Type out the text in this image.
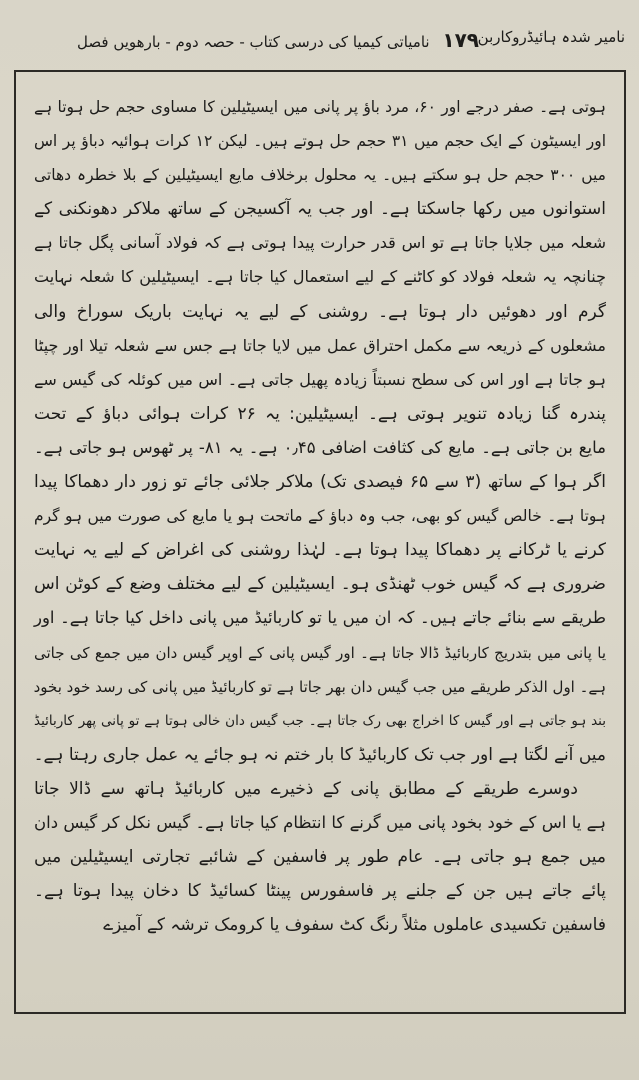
نامیر شدہ ہائیڈروکاربن
۱۷۹ نامیاتی کیمیا کی درسی کتاب - حصہ دوم - بارھویں فصل
ہوتی ہے۔ صفر درجے اور ۶۰، مرد باؤ پر پانی میں ایسیٹیلین کا مساوی حجم حل ہوتا ہے
اور ایسیٹون کے ایک حجم میں ۳۱ حجم حل ہوتے ہیں۔ لیکن ۱۲ کرات ہوائیہ دباؤ پر اس
میں ۳۰۰ حجم حل ہو سکتے ہیں۔ یہ محلول برخلاف مایع ایسیٹیلین کے بلا خطرہ دھاتی
استوانوں میں رکھا جاسکتا ہے۔ اور جب یہ آکسیجن کے ساتھ ملاکر دھونکنی کے
شعلہ میں جلایا جاتا ہے تو اس قدر حرارت پیدا ہوتی ہے کہ فولاد آسانی پگل جاتا ہے
چنانچہ یہ شعلہ فولاد کو کاٹنے کے لیے استعمال کیا جاتا ہے۔ ایسیٹیلین کا شعلہ نہایت
گرم اور دھوئیں دار ہوتا ہے۔ روشنی کے لیے یہ نہایت باریک سوراخ والی
مشعلوں کے ذریعہ سے مکمل احتراق عمل میں لایا جاتا ہے جس سے شعلہ تیلا اور چپٹا
ہو جاتا ہے اور اس کی سطح نسبتاً زیادہ پھیل جاتی ہے۔ اس میں کوئلہ کی گیس سے
پندرہ گنا زیادہ تنویر ہوتی ہے۔ ایسیٹیلین: یہ ۲۶ کرات ہوائی دباؤ کے تحت
مایع بن جاتی ہے۔ مایع کی کثافت اضافی ۰٫۴۵ ہے۔ یہ ۸۱- پر ٹھوس ہو جاتی ہے۔
اگر ہوا کے ساتھ (۳ سے ۶۵ فیصدی تک) ملاکر جلائی جائے تو زور دار دھماکا پیدا
ہوتا ہے۔ خالص گیس کو بھی، جب وہ دباؤ کے ماتحت ہو یا مایع کی صورت میں ہو گرم
کرنے یا ٹرکانے پر دھماکا پیدا ہوتا ہے۔ لہٰذا روشنی کی اغراض کے لیے یہ نہایت
ضروری ہے کہ گیس خوب ٹھنڈی ہو۔ ایسیٹیلین کے لیے مختلف وضع کے کوٹن اس
طریقے سے بنائے جاتے ہیں۔ کہ ان میں یا تو کاربائیڈ میں پانی داخل کیا جاتا ہے۔ اور
یا پانی میں بتدریج کاربائیڈ ڈالا جاتا ہے۔ اور گیس پانی کے اوپر گیس دان میں جمع کی جاتی
ہے۔ اول الذکر طریقے میں جب گیس دان بھر جاتا ہے تو کاربائیڈ میں پانی کی رسد خود بخود
بند ہو جاتی ہے اور گیس کا اخراج بھی رک جاتا ہے۔ جب گیس دان خالی ہوتا ہے تو پانی پھر کاربائیڈ
میں آنے لگتا ہے اور جب تک کاربائیڈ کا بار ختم نہ ہو جائے یہ عمل جاری رہتا ہے۔
دوسرے طریقے کے مطابق پانی کے ذخیرے میں کاربائیڈ ہاتھ سے ڈالا جاتا
ہے یا اس کے خود بخود پانی میں گرنے کا انتظام کیا جاتا ہے۔ گیس نکل کر گیس دان
میں جمع ہو جاتی ہے۔ عام طور پر فاسفین کے شائبے تجارتی ایسیٹیلین میں
پائے جاتے ہیں جن کے جلنے پر فاسفورس پینٹا کسائیڈ کا دخان پیدا ہوتا ہے۔
فاسفین تکسیدی عاملوں مثلاً رنگ کٹ سفوف یا کرومک ترشہ کے آمیزے
